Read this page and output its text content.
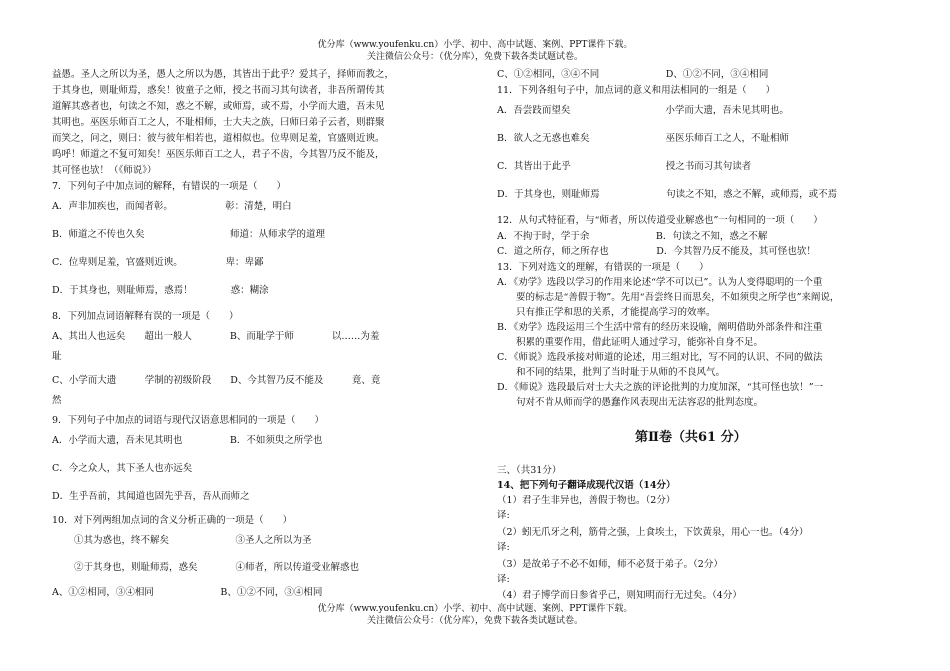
优分库（www.youfenku.cn）小学、初中、高中试题、案例、PPT课件下载。
关注微信公众号：（优分库），免费下载各类试题试卷。
益愚。圣人之所以为圣，愚人之所以为愚，其皆出于此乎？爱其子，择师而教之，
于其身也，则耻师焉，惑矣！彼童子之师，授之书而习其句读者，非吾所谓传其
道解其惑者也，句读之不知，惑之不解，或师焉，或不焉，小学而大遗，吾未见
其明也。巫医乐师百工之人，不耻相师，士大夫之族，曰师曰弟子云者，则群聚
而笑之，问之，则曰：彼与彼年相若也，道相似也。位卑则足羞，官盛则近谀。
呜呼！师道之不复可知矣！巫医乐师百工之人，君子不齿，今其智乃反不能及，
其可怪也欤！（《师说》）
7．下列句子中加点词的解释，有错误的一项是（　　）
A．声非加疾也，而闻者彰。　　　　　　彰：清楚，明白
B．师道之不传也久矣　　　　　　　　　师道：从师求学的道理
C．位卑则足羞，官盛则近谀。　　　　　卑：卑鄙
D．于其身也，则耻师焉，惑焉！　　　　惑：糊涂
8．下列加点词语解释有误的一项是（　　）
A、其出人也远矣　　超出一般人　　　　B、而耻学于师　　　　以……为羞
耻
C、小学而大遗　　　学制的初级阶段　　D、今其智乃反不能及　　　竟、竟
然
9．下列句子中加点的词语与现代汉语意思相同的一项是（　　）
A．小学而大遗，吾未见其明也　　　　　B．不如须臾之所学也
C．今之众人，其下圣人也亦远矣
D．生乎吾前，其闻道也固先乎吾，吾从而师之
10．对下列两组加点词的含义分析正确的一项是（　　）
①其为惑也，终不解矣　　　　　　　③圣人之所以为圣
②于其身也，则耻师焉，惑矣　　　　④师者，所以传道受业解惑也
A、①②相同，③④相同　　　　　　　B、①②不同，③④相同
C、①②相同，③④不同　　　　　　　D、①②不同，③④相同
11．下列各组句子中，加点词的意义和用法相同的一组是（　　）
A．吾尝跂而望矣　　　　　　　　　　小学而大遗，吾未见其明也。
B．欲人之无惑也难矣　　　　　　　　巫医乐师百工之人，不耻相师
C．其皆出于此乎　　　　　　　　　　授之书而习其句读者
D．于其身也，则耻师焉　　　　　　　句读之不知，惑之不解，或师焉，或不焉
12．从句式特征看，与“师者，所以传道受业解惑也”一句相同的一项（　　）
A．不拘于时，学于余　　　　　　　B．句读之不知，惑之不解
C．道之所存，师之所存也　　　　　D．今其智乃反不能及，其可怪也欤！
13．下列对选文的理解，有错误的一项是（　　）
A．《劝学》选段以学习的作用来论述“学不可以已”。认为人变得聪明的一个重
　　要的标志是“善假于物”。先用“吾尝终日而思矣，不如须臾之所学也”来阐说，
　　只有推正学和思的关系，才能提高学习的效率。
B．《劝学》选段运用三个生活中常有的经历来设喻，阐明借助外部条件和注重
　　积累的重要作用，借此证明人通过学习，能弥补自身不足。
C．《师说》选段承接对师道的论述，用三组对比，写不同的认识、不同的做法
　　和不同的结果，批判了当时耻于从师的不良风气。
D．《师说》选段最后对士大夫之族的评论批判的力度加深，“其可怪也欤！”一
　　句对不肯从师而学的愚蠢作风表现出无法容忍的批判态度。
第Ⅱ卷（共61 分）
三、（共31分）
14、把下列句子翻译成现代汉语（14分）
（1）君子生非异也，善假于物也。（2分）
译:
（2）蚓无爪牙之利，筋骨之强，上食埃土，下饮黄泉，用心一也。（4分）
译:
（3）是故弟子不必不如师，师不必贤于弟子。（2分）
译:
（4）君子博学而日参省乎己，则知明而行无过矣。（4分）
优分库（www.youfenku.cn）小学、初中、高中试题、案例、PPT课件下载。
关注微信公众号：（优分库），免费下载各类试题试卷。
